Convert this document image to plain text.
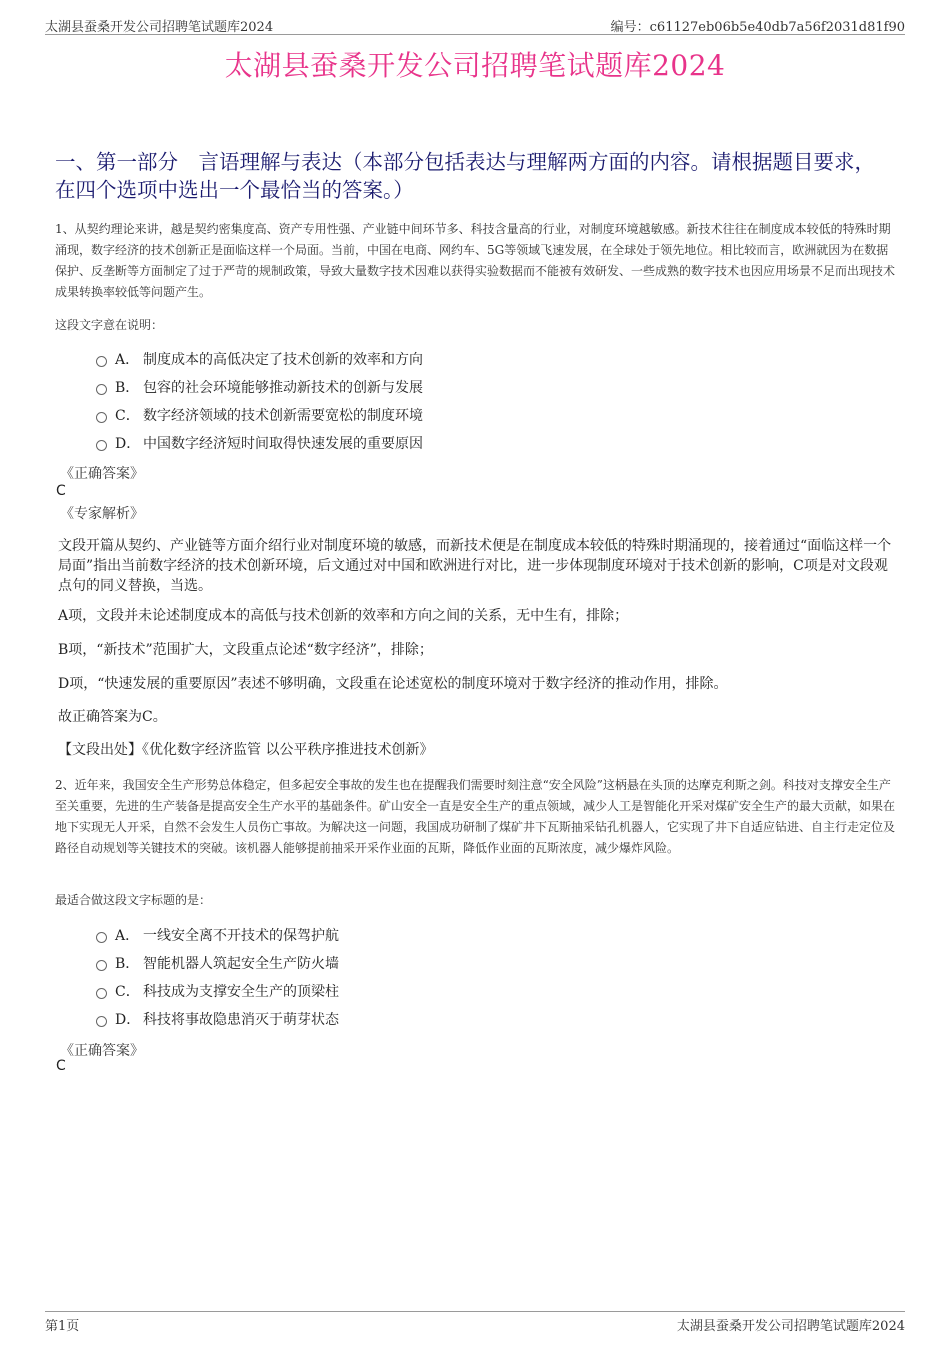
太湖县蚕桑开发公司招聘笔试题库2024	编号：c61127eb06b5e40db7a56f2031d81f90
太湖县蚕桑开发公司招聘笔试题库2024
一、第一部分　言语理解与表达（本部分包括表达与理解两方面的内容。请根据题目要求，在四个选项中选出一个最恰当的答案。）
1、从契约理论来讲，越是契约密集度高、资产专用性强、产业链中间环节多、科技含量高的行业，对制度环境越敏感。新技术往往在制度成本较低的特殊时期涌现，数字经济的技术创新正是面临这样一个局面。当前，中国在电商、网约车、5G等领域飞速发展，在全球处于领先地位。相比较而言，欧洲就因为在数据保护、反垄断等方面制定了过于严苛的规制政策，导致大量数字技术因难以获得实验数据而不能被有效研发、一些成熟的数字技术也因应用场景不足而出现技术成果转换率较低等问题产生。
这段文字意在说明：
A． 制度成本的高低决定了技术创新的效率和方向
B． 包容的社会环境能够推动新技术的创新与发展
C． 数字经济领域的技术创新需要宽松的制度环境
D． 中国数字经济短时间取得快速发展的重要原因
《正确答案》
C
《专家解析》
文段开篇从契约、产业链等方面介绍行业对制度环境的敏感，而新技术便是在制度成本较低的特殊时期涌现的，接着通过“面临这样一个局面”指出当前数字经济的技术创新环境，后文通过对中国和欧洲进行对比，进一步体现制度环境对于技术创新的影响，C项是对文段观点句的同义替换，当选。
A项，文段并未论述制度成本的高低与技术创新的效率和方向之间的关系，无中生有，排除；
B项，“新技术”范围扩大，文段重点论述“数字经济”，排除；
D项，“快速发展的重要原因”表述不够明确，文段重在论述宽松的制度环境对于数字经济的推动作用，排除。
故正确答案为C。
【文段出处】《优化数字经济监管 以公平秩序推进技术创新》
2、近年来，我国安全生产形势总体稳定，但多起安全事故的发生也在提醒我们需要时刻注意“安全风险”这柄悬在头顶的达摩克利斯之剑。科技对支撑安全生产至关重要，先进的生产装备是提高安全生产水平的基础条件。矿山安全一直是安全生产的重点领域，减少人工是智能化开采对煤矿安全生产的最大贡献，如果在地下实现无人开采，自然不会发生人员伤亡事故。为解决这一问题，我国成功研制了煤矿井下瓦斯抽采钻孔机器人，它实现了井下自适应钻进、自主行走定位及路径自动规划等关键技术的突破。该机器人能够提前抽采开采作业面的瓦斯，降低作业面的瓦斯浓度，减少爆炸风险。
最适合做这段文字标题的是：
A． 一线安全离不开技术的保驾护航
B． 智能机器人筑起安全生产防火墙
C． 科技成为支撑安全生产的顶梁柱
D． 科技将事故隐患消灭于萌芽状态
《正确答案》
C
第1页	太湖县蚕桑开发公司招聘笔试题库2024
